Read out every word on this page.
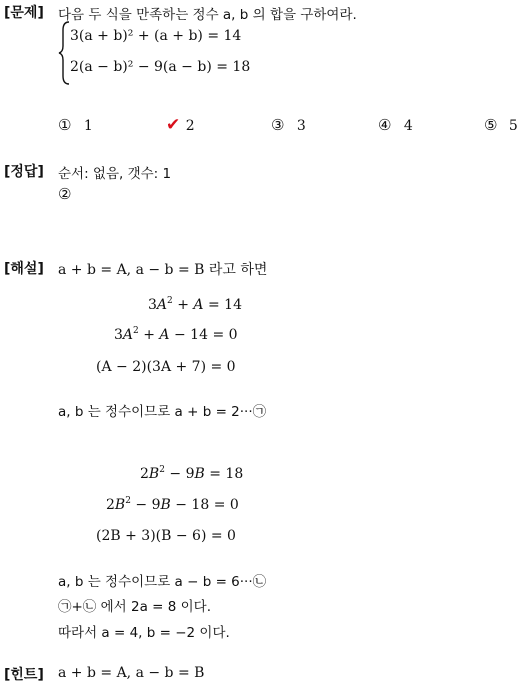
[문제]
[정답]
[해설]
[힌트]
다음 두 식을 만족하는 정수 a, b 의 합을 구하여라.
3(a + b)² + (a + b) = 14
2(a − b)² − 9(a − b) = 18
① 1	✔ 2	③ 3	④ 4	⑤ 5
순서: 없음, 갯수: 1
②
a + b = A, a − b = B 라고 하면
$3A^2 + A = 14$
$3A^2 + A - 14 = 0$
(A − 2)(3A + 7) = 0
a, b 는 정수이므로 a + b = 2···㉠
$2B^2 - 9B = 18$
$2B^2 - 9B - 18 = 0$
(2B + 3)(B − 6) = 0
a, b 는 정수이므로 a − b = 6···㉡
㉠+㉡ 에서 2a = 8 이다.
따라서 a = 4, b = −2 이다.
a + b = A, a − b = B
